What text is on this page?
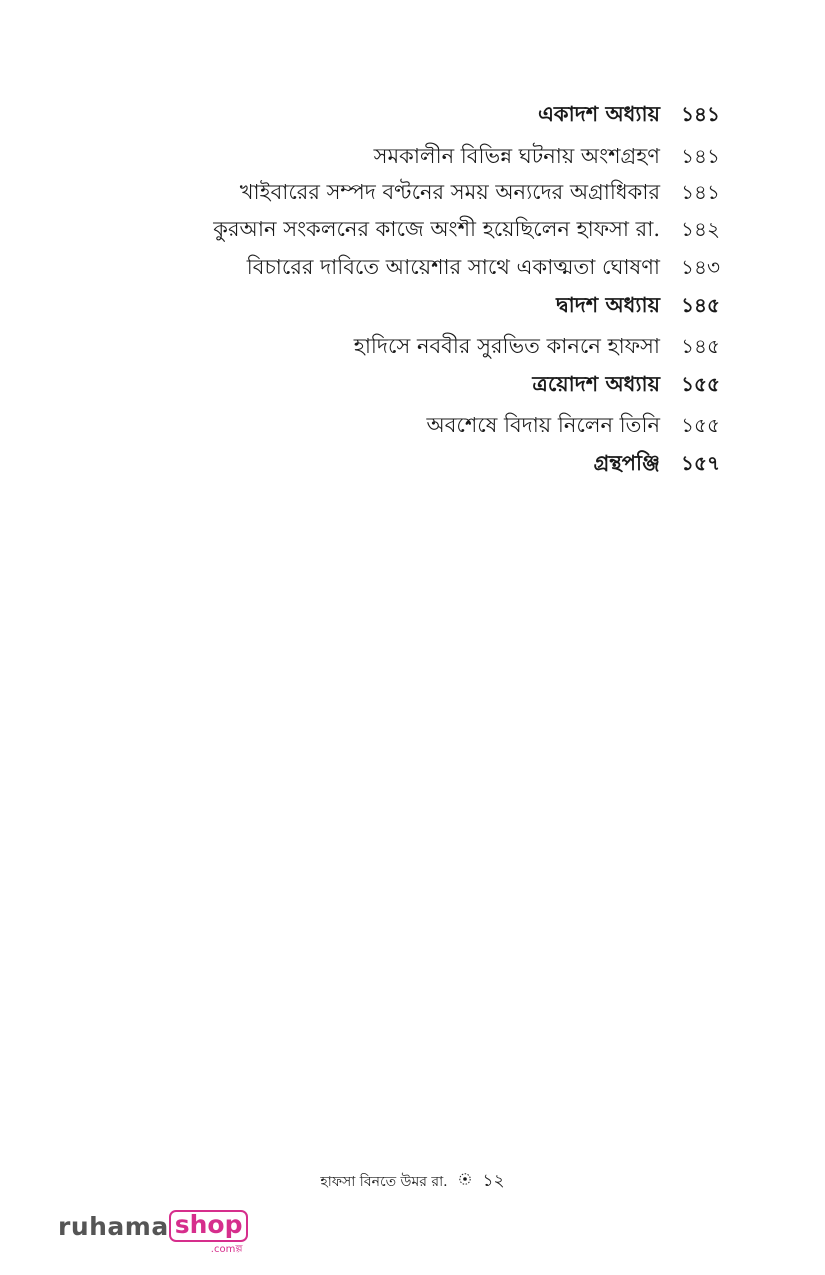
একাদশ অধ্যায়	১৪১
সমকালীন বিভিন্ন ঘটনায় অংশগ্রহণ	১৪১
খাইবারের সম্পদ বণ্টনের সময় অন্যদের অগ্রাধিকার	১৪১
কুরআন সংকলনের কাজে অংশী হয়েছিলেন হাফসা রা.	১৪২
বিচারের দাবিতে আয়েশার সাথে একাত্মতা ঘোষণা	১৪৩
দ্বাদশ অধ্যায়	১৪৫
হাদিসে নববীর সুরভিত কাননে হাফসা	১৪৫
ত্রয়োদশ অধ্যায়	১৫৫
অবশেষে বিদায় নিলেন তিনি	১৫৫
গ্রন্থপঞ্জি	১৫৭
হাফসা বিনতে উমর রা. ১২
ruhama shop
.comল্প
